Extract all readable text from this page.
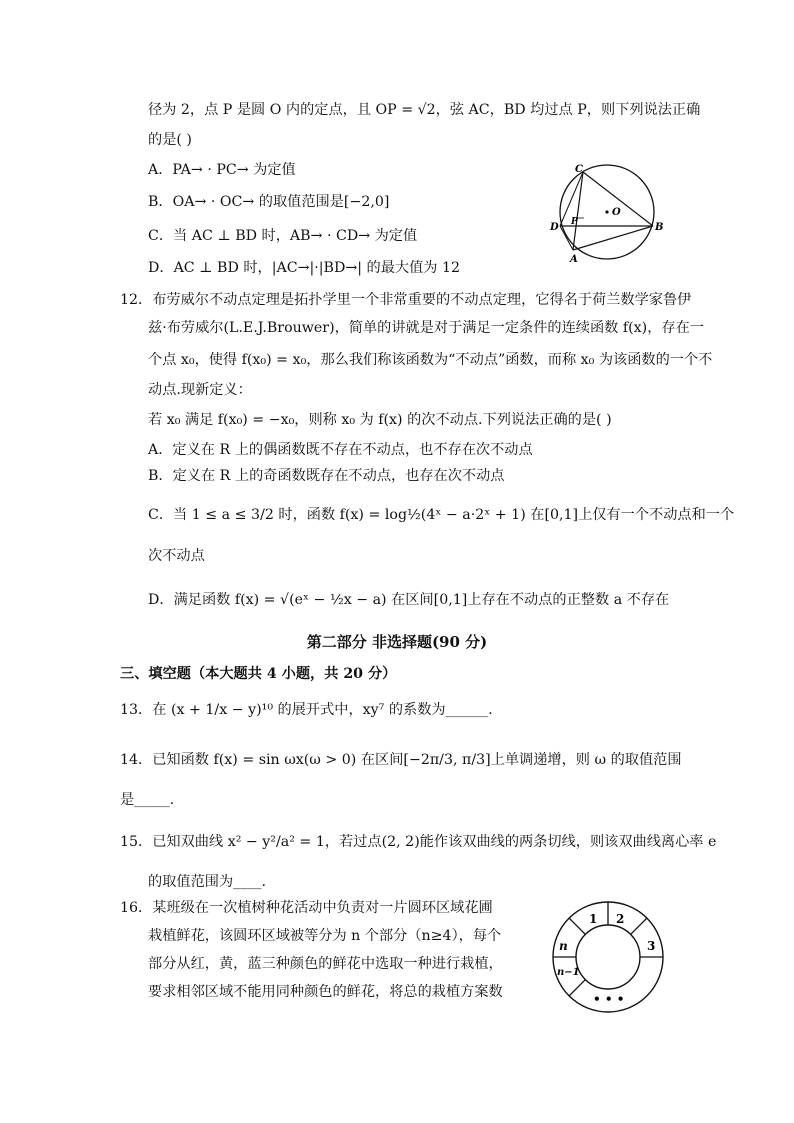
径为 2，点 P 是圆 O 内的定点，且 OP = √2，弦 AC，BD 均过点 P，则下列说法正确
的是( )
A．PA→ · PC→ 为定值
B．OA→ · OC→ 的取值范围是[−2,0]
C．当 AC ⊥ BD 时，AB→ · CD→ 为定值
D．AC ⊥ BD 时，|AC→|·|BD→| 的最大值为 12
C
O
P
D	B
A
12．布劳威尔不动点定理是拓扑学里一个非常重要的不动点定理，它得名于荷兰数学家鲁伊
兹·布劳威尔(L.E.J.Brouwer)，简单的讲就是对于满足一定条件的连续函数 f(x)，存在一
个点 x₀，使得 f(x₀) = x₀，那么我们称该函数为“不动点”函数，而称 x₀ 为该函数的一个不
动点.现新定义：
若 x₀ 满足 f(x₀) = −x₀，则称 x₀ 为 f(x) 的次不动点.下列说法正确的是( )
A．定义在 R 上的偶函数既不存在不动点，也不存在次不动点
B．定义在 R 上的奇函数既存在不动点，也存在次不动点
C．当 1 ≤ a ≤ 3/2 时，函数 f(x) = log½(4ˣ − a·2ˣ + 1) 在[0,1]上仅有一个不动点和一个
次不动点
D．满足函数 f(x) = √(eˣ − ½x − a) 在区间[0,1]上存在不动点的正整数 a 不存在
第二部分 非选择题(90 分)
三、填空题（本大题共 4 小题，共 20 分）
13．在 (x + 1/x − y)¹⁰ 的展开式中，xy⁷ 的系数为______.
14．已知函数 f(x) = sin ωx(ω > 0) 在区间[−2π/3, π/3]上单调递增，则 ω 的取值范围
是_____.
15．已知双曲线 x² − y²/a² = 1，若过点(2, 2)能作该双曲线的两条切线，则该双曲线离心率 e
的取值范围为____.
16．某班级在一次植树种花活动中负责对一片圆环区域花圃
栽植鲜花，该圆环区域被等分为 n 个部分（n≥4），每个
部分从红，黄，蓝三种颜色的鲜花中选取一种进行栽植，
要求相邻区域不能用同种颜色的鲜花，将总的栽植方案数
1 2
3
n
n−1
• • •
